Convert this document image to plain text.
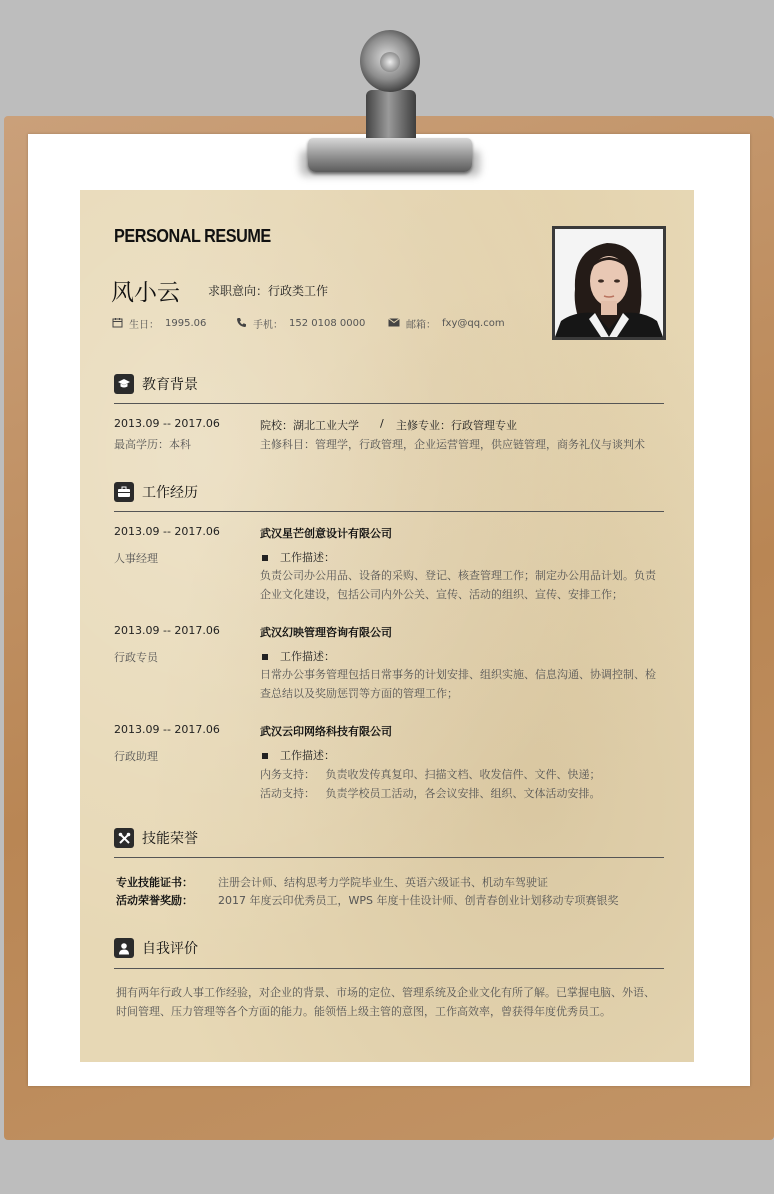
PERSONAL RESUME
风小云 求职意向：行政类工作
生日： 1995.06	手机： 152 0108 0000	邮箱： fxy@qq.com
教育背景
2013.09 -- 2017.06
最高学历：本科
院校：湖北工业大学 / 主修专业：行政管理专业
主修科目：管理学，行政管理，企业运营管理，供应链管理，商务礼仪与谈判术
工作经历
2013.09 -- 2017.06
人事经理
武汉星芒创意设计有限公司
工作描述：
负责公司办公用品、设备的采购、登记、核查管理工作；制定办公用品计划。负责
企业文化建设，包括公司内外公关、宣传、活动的组织、宣传、安排工作；
2013.09 -- 2017.06
行政专员
武汉幻映管理咨询有限公司
工作描述：
日常办公事务管理包括日常事务的计划安排、组织实施、信息沟通、协调控制、检
查总结以及奖励惩罚等方面的管理工作；
2013.09 -- 2017.06
行政助理
武汉云印网络科技有限公司
工作描述：
内务支持：   负责收发传真复印、扫描文档、收发信件、文件、快递；
活动支持：   负责学校员工活动，各会议安排、组织、文体活动安排。
技能荣誉
专业技能证书： 注册会计师、结构思考力学院毕业生、英语六级证书、机动车驾驶证
活动荣誉奖励： 2017 年度云印优秀员工，WPS 年度十佳设计师、创青春创业计划移动专项赛银奖
自我评价
拥有两年行政人事工作经验，对企业的背景、市场的定位、管理系统及企业文化有所了解。已掌握电脑、外语、
时间管理、压力管理等各个方面的能力。能领悟上级主管的意图，工作高效率，曾获得年度优秀员工。
